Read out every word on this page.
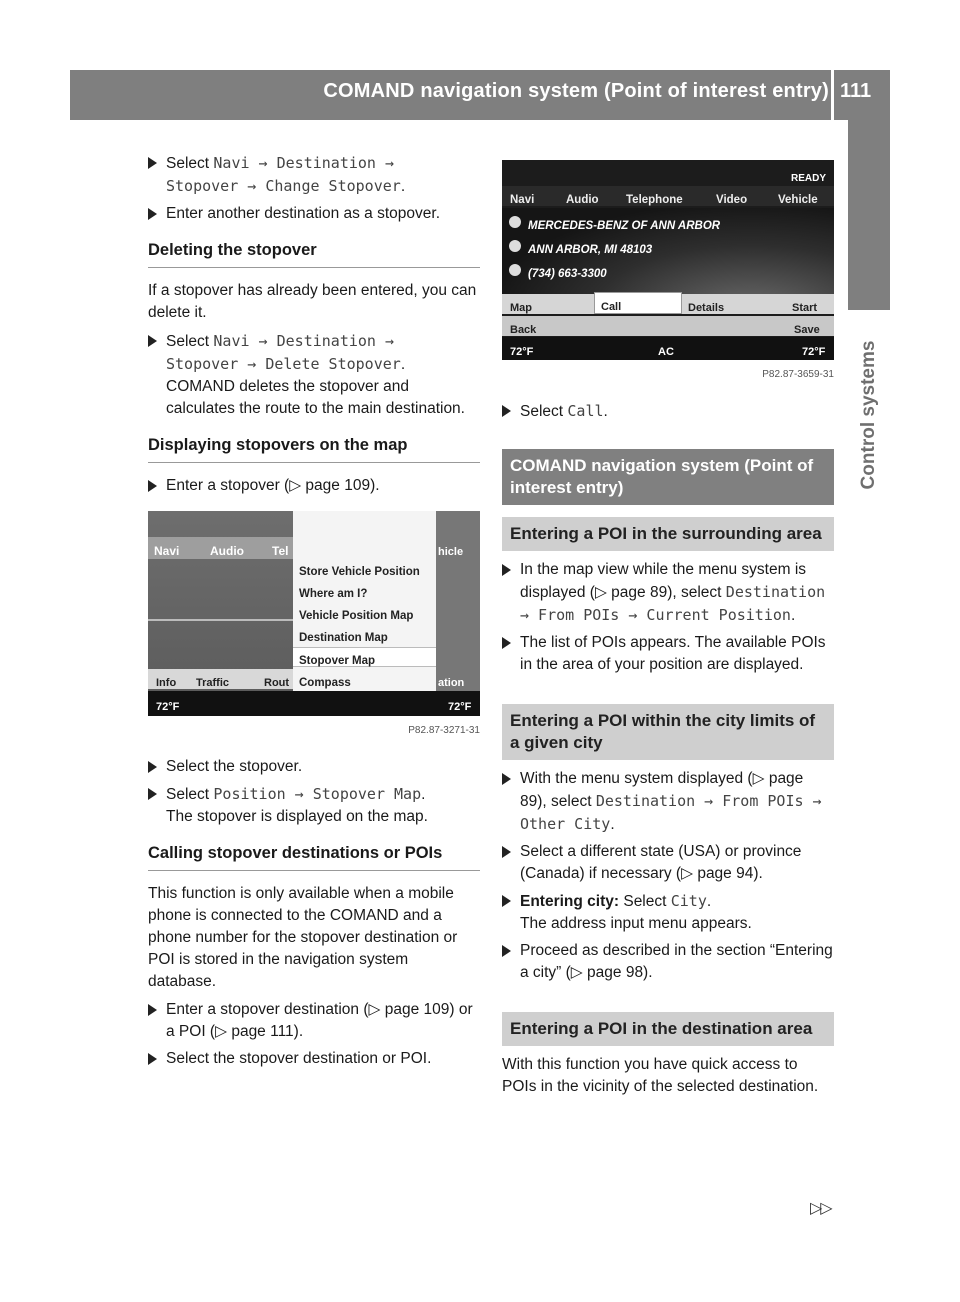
COMAND navigation system (Point of interest entry) 111
Control systems
Select Navi → Destination →
Stopover → Change Stopover.
Enter another destination as a stopover.
Deleting the stopover
If a stopover has already been entered, you can delete it.
Select Navi → Destination →
Stopover → Delete Stopover.
COMAND deletes the stopover and calculates the route to the main destination.
Displaying stopovers on the map
Enter a stopover (▷ page 109).
Navi	Audio Tel
Info Traffic	Rout
hicle
ation
Store Vehicle Position
Where am I?
Vehicle Position Map
Destination Map
Stopover Map
Compass
72°F	72°F
P82.87-3271-31
Select the stopover.
Select Position → Stopover Map.
The stopover is displayed on the map.
Calling stopover destinations or POIs
This function is only available when a mobile phone is connected to the COMAND and a phone number for the stopover destination or POI is stored in the navigation system database.
Enter a stopover destination (▷ page 109) or a POI (▷ page 111).
Select the stopover destination or POI.
READY
Navi	Audio Telephone	Video	Vehicle
MERCEDES-BENZ OF ANN ARBOR
ANN ARBOR, MI 48103
(734) 663-3300
Map	Details	Start
Call
Back	Save
72°F	AC	72°F
P82.87-3659-31
Select Call.
COMAND navigation system (Point of interest entry)
Entering a POI in the surrounding area
In the map view while the menu system is displayed (▷ page 89), select Destination → From POIs → Current Position.
The list of POIs appears. The available POIs in the area of your position are displayed.
Entering a POI within the city limits of a given city
With the menu system displayed (▷ page 89), select Destination → From POIs → Other City.
Select a different state (USA) or province (Canada) if necessary (▷ page 94).
Entering city: Select City.
The address input menu appears.
Proceed as described in the section “Entering a city” (▷ page 98).
Entering a POI in the destination area
With this function you have quick access to POIs in the vicinity of the selected destination.
▷▷
